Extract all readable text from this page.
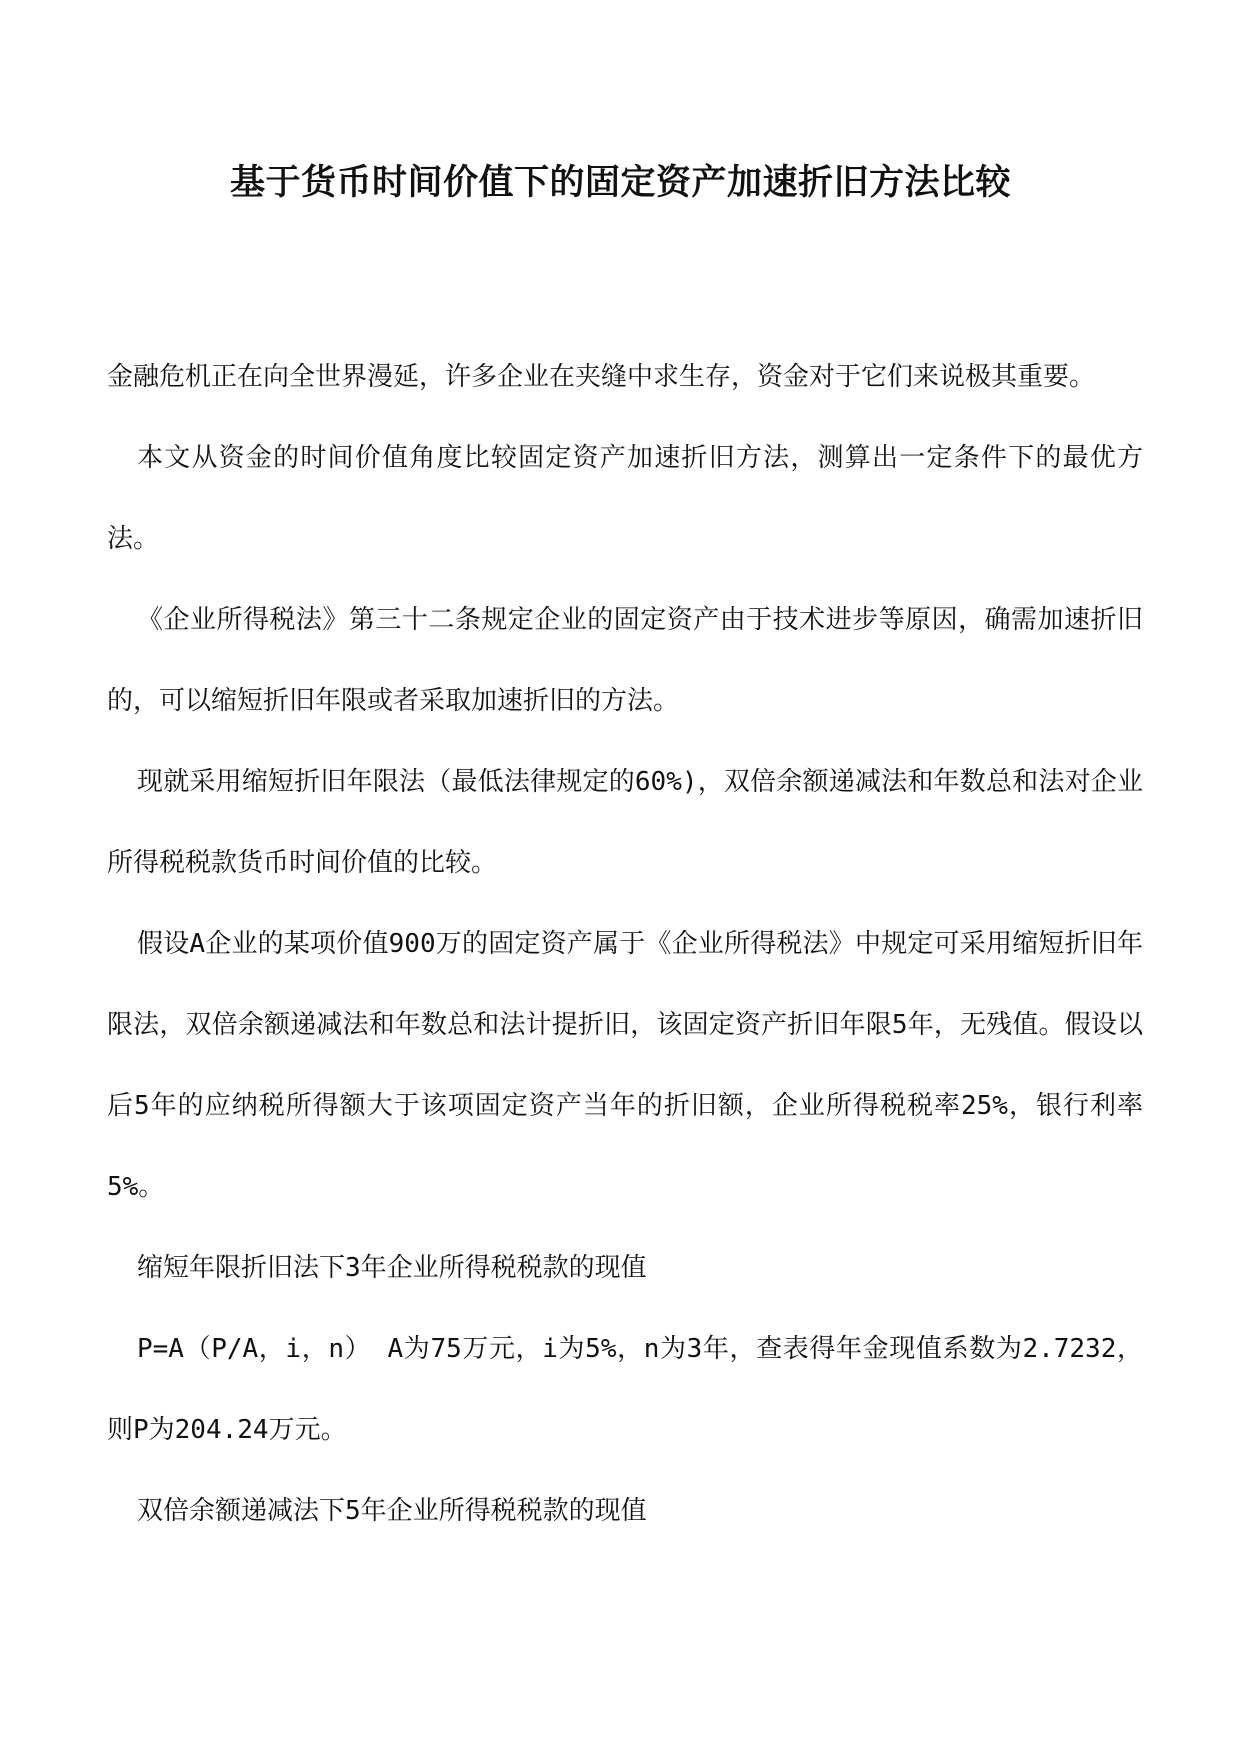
基于货币时间价值下的固定资产加速折旧方法比较

金融危机正在向全世界漫延，许多企业在夹缝中求生存，资金对于它们来说极其重要。

本文从资金的时间价值角度比较固定资产加速折旧方法，测算出一定条件下的最优方法。

《企业所得税法》第三十二条规定企业的固定资产由于技术进步等原因，确需加速折旧的，可以缩短折旧年限或者采取加速折旧的方法。

现就采用缩短折旧年限法（最低法律规定的60%)，双倍余额递减法和年数总和法对企业所得税税款货币时间价值的比较。

假设A企业的某项价值900万的固定资产属于《企业所得税法》中规定可采用缩短折旧年限法，双倍余额递减法和年数总和法计提折旧，该固定资产折旧年限5年，无残值。假设以后5年的应纳税所得额大于该项固定资产当年的折旧额，企业所得税税率25%，银行利率5%。

缩短年限折旧法下3年企业所得税税款的现值

P=A（P/A，i，n） A为75万元，i为5%，n为3年，查表得年金现值系数为2.7232，则P为204.24万元。

双倍余额递减法下5年企业所得税税款的现值
